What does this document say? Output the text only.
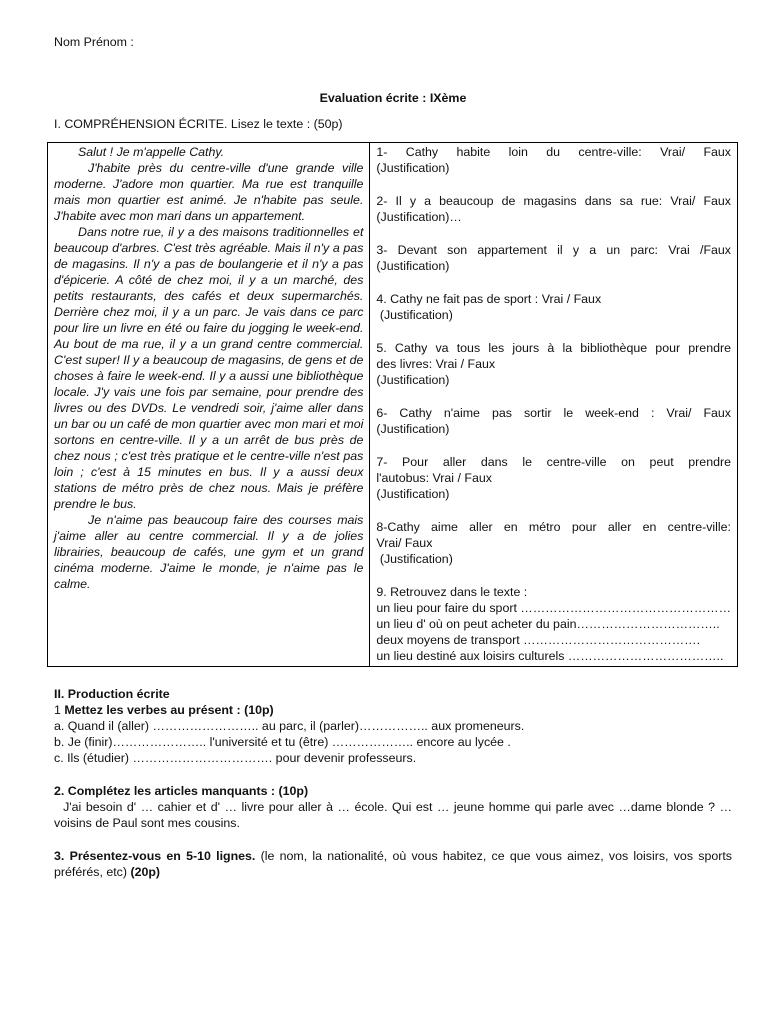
Nom Prénom :
Evaluation écrite : IXème
I. COMPRÉHENSION ÉCRITE. Lisez le texte : (50p)

Salut ! Je m'appelle Cathy.

J'habite près du centre-ville d'une grande ville moderne. J'adore mon quartier. Ma rue est tranquille mais mon quartier est animé. Je n'habite pas seule. J'habite avec mon mari dans un appartement.

Dans notre rue, il y a des maisons traditionnelles et beaucoup d'arbres. C'est très agréable. Mais il n'y a pas de magasins. Il n'y a pas de boulangerie et il n'y a pas d'épicerie. A côté de chez moi, il y a un marché, des petits restaurants, des cafés et deux supermarchés. Derrière chez moi, il y a un parc. Je vais dans ce parc pour lire un livre en été ou faire du jogging le week-end. Au bout de ma rue, il y a un grand centre commercial. C'est super! Il y a beaucoup de magasins, de gens et de choses à faire le week-end. Il y a aussi une bibliothèque locale. J'y vais une fois par semaine, pour prendre des livres ou des DVDs. Le vendredi soir, j'aime aller dans un bar ou un café de mon quartier avec mon mari et moi sortons en centre-ville. Il y a un arrêt de bus près de chez nous ; c'est très pratique et le centre-ville n'est pas loin ; c'est à 15 minutes en bus. Il y a aussi deux stations de métro près de chez nous. Mais je préfère prendre le bus.

Je n'aime pas beaucoup faire des courses mais j'aime aller au centre commercial. Il y a de jolies librairies, beaucoup de cafés, une gym et un grand cinéma moderne. J'aime le monde, je n'aime pas le calme.

1- Cathy habite loin du centre-ville: Vrai/ Faux
(Justification)
2- Il y a beaucoup de magasins dans sa rue: Vrai/ Faux
(Justification)…
3- Devant son appartement il y a un parc: Vrai /Faux
(Justification)
4. Cathy ne fait pas de sport : Vrai / Faux
(Justification)
5. Cathy va tous les jours à la bibliothèque pour prendre
des livres: Vrai / Faux
(Justification)
6- Cathy n'aime pas sortir le week-end : Vrai/ Faux
(Justification)
7- Pour aller dans le centre-ville on peut prendre
l'autobus: Vrai / Faux
(Justification)
8-Cathy aime aller en métro pour aller en centre-ville:
Vrai/ Faux
(Justification)
9. Retrouvez dans le texte :
un lieu pour faire du sport ……………………………………………
un lieu d' où on peut acheter du pain……………………………..
deux moyens de transport …………………………………….
un lieu destiné aux loisirs culturels ………………………………..

II. Production écrite

1 Mettez les verbes au présent : (10p)

a. Quand il (aller) …………………….. au parc, il (parler)…………….. aux promeneurs.

b. Je (finir)………………….. l'université et tu (être) ……………….. encore au lycée .

c. Ils (étudier) ……………………………. pour devenir professeurs.

2. Complétez les articles manquants : (10p)

J'ai besoin d' … cahier et d' … livre pour aller à … école. Qui est … jeune homme qui parle avec …dame blonde ? … voisins de Paul sont mes cousins.

3. Présentez-vous en 5-10 lignes. (le nom, la nationalité, où vous habitez, ce que vous aimez, vos loisirs, vos sports préférés, etc) (20p)
